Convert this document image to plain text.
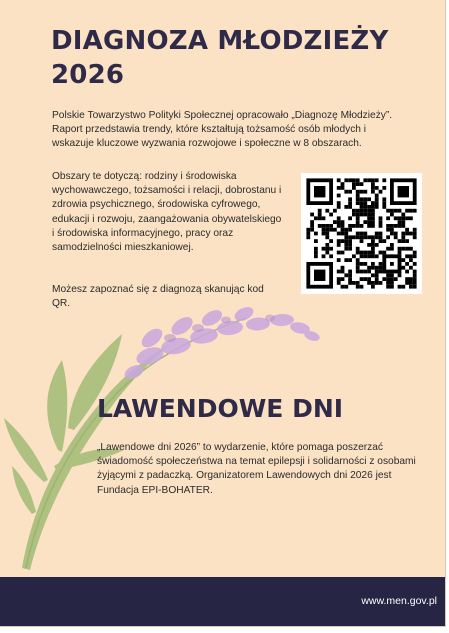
DIAGNOZA MŁODZIEŻY 2026

Polskie Towarzystwo Polityki Społecznej opracowało „Diagnozę Młodzieży”. Raport przedstawia trendy, które kształtują tożsamość osób młodych i wskazuje kluczowe wyzwania rozwojowe i społeczne w 8 obszarach.

Obszary te dotyczą: rodziny i środowiska wychowawczego, tożsamości i relacji, dobrostanu i zdrowia psychicznego, środowiska cyfrowego, edukacji i rozwoju, zaangażowania obywatelskiego i środowiska informacyjnego, pracy oraz samodzielności mieszkaniowej.

Możesz zapoznać się z diagnozą skanując kod QR.

LAWENDOWE DNI

„Lawendowe dni 2026” to wydarzenie, które pomaga poszerzać świadomość społeczeństwa na temat epilepsji i solidarności z osobami żyjącymi z padaczką. Organizatorem Lawendowych dni 2026 jest Fundacja EPI-BOHATER.

www.men.gov.pl
